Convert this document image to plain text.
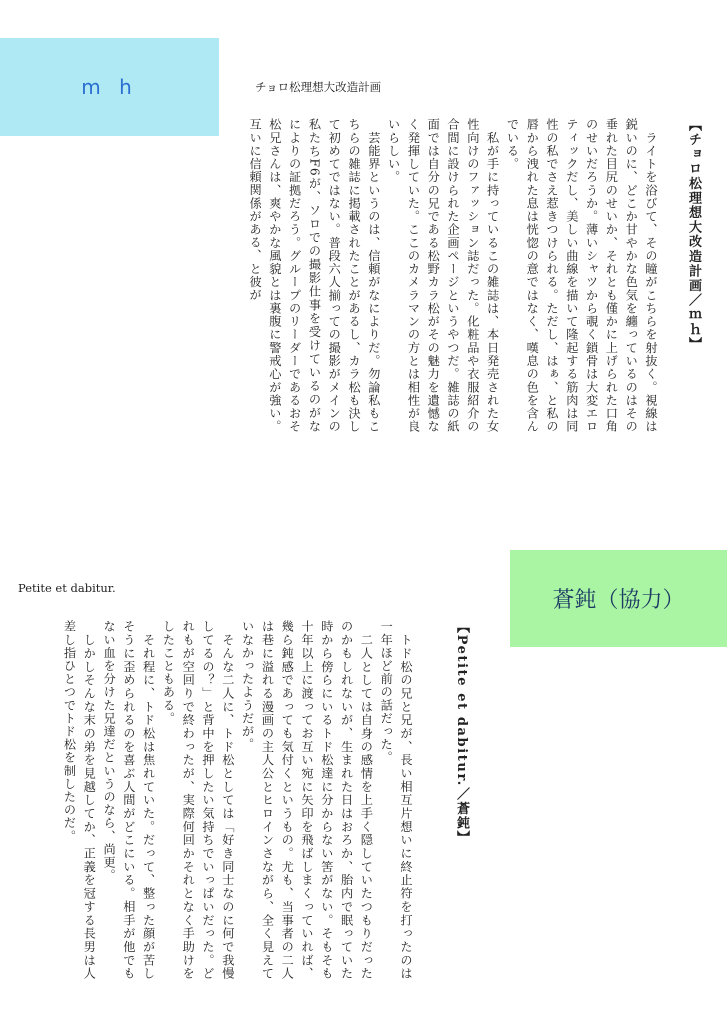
m h	チョロ松理想大改造計画
【チョロ松理想大改造計画／ｍｈ】

　ライトを浴びて、その瞳がこちらを射抜く。視線は鋭いのに、どこか甘やかな色気を纏っているのはその垂れた目尻のせいか、それとも僅かに上げられた口角のせいだろうか。薄いシャツから覗く鎖骨は大変エロティックだし、美しい曲線を描いて隆起する筋肉は同性の私でさえ惹きつけられる。ただし、はぁ、と私の唇から洩れた息は恍惚の意ではなく、嘆息の色を含んでいる。

　私が手に持っているこの雑誌は、本日発売された女性向けのファッション誌だった。化粧品や衣服紹介の合間に設けられた企画ページというやつだ。雑誌の紙面では自分の兄である松野カラ松がその魅力を遺憾なく発揮していた。ここのカメラマンの方とは相性が良いらしい。

　芸能界というのは、信頼がなによりだ。勿論私もこちらの雑誌に掲載されたことがあるし、カラ松も決して初めてではない。普段六人揃っての撮影がメインの私たちF6が、ソロでの撮影仕事を受けているのがなによりの証拠だろう。グループのリーダーであるおそ松兄さんは、爽やかな風貌とは裏腹に警戒心が強い。互いに信頼関係がある、と彼が

蒼鈍（協力）
Petite et dabitur.
【Petite et dabitur.／蒼鈍】

　トド松の兄と兄が、長い相互片想いに終止符を打ったのは一年ほど前の話だった。

　二人としては自身の感情を上手く隠していたつもりだったのかもしれないが、生まれた日はおろか、胎内で眠っていた時から傍らにいるトド松達に分からない筈がない。そもそも十年以上に渡ってお互い宛に矢印を飛ばしまくっていれば、幾ら鈍感であっても気付くというもの。尤も、当事者の二人は巷に溢れる漫画の主人公とヒロインさながら、全く見えていなかったようだが。

　そんな二人に、トド松としては「好き同士なのに何で我慢してるの？」と背中を押したい気持ちでいっぱいだった。どれもが空回りで終わったが、実際何回かそれとなく手助けをしたこともある。

　それ程に、トド松は焦れていた。だって、整った顔が苦しそうに歪められるのを喜ぶ人間がどこにいる。相手が他でもない血を分けた兄達だというのなら、尚更。

　しかしそんな末の弟を見越してか、正義を冠する長男は人差し指ひとつでトド松を制したのだ。
